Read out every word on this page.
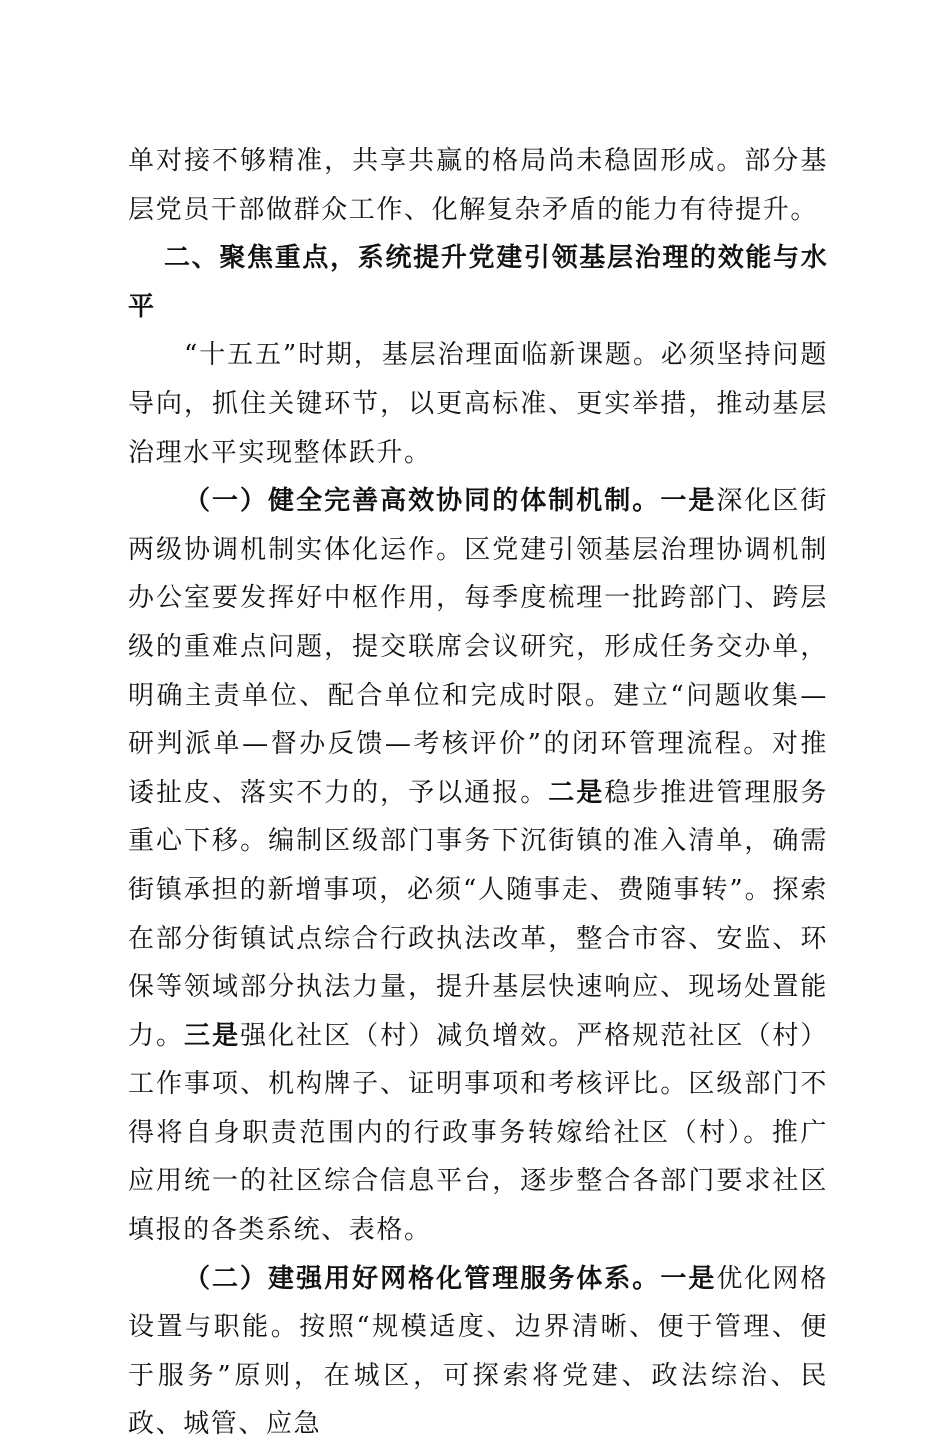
单对接不够精准，共享共赢的格局尚未稳固形成。部分基层党员干部做群众工作、化解复杂矛盾的能力有待提升。

二、聚焦重点，系统提升党建引领基层治理的效能与水平

“十五五”时期，基层治理面临新课题。必须坚持问题导向，抓住关键环节，以更高标准、更实举措，推动基层治理水平实现整体跃升。

（一）健全完善高效协同的体制机制。一是深化区街两级协调机制实体化运作。区党建引领基层治理协调机制办公室要发挥好中枢作用，每季度梳理一批跨部门、跨层级的重难点问题，提交联席会议研究，形成任务交办单，明确主责单位、配合单位和完成时限。建立“问题收集—研判派单—督办反馈—考核评价”的闭环管理流程。对推诿扯皮、落实不力的，予以通报。二是稳步推进管理服务重心下移。编制区级部门事务下沉街镇的准入清单，确需街镇承担的新增事项，必须“人随事走、费随事转”。探索在部分街镇试点综合行政执法改革，整合市容、安监、环保等领域部分执法力量，提升基层快速响应、现场处置能力。三是强化社区（村）减负增效。严格规范社区（村）工作事项、机构牌子、证明事项和考核评比。区级部门不得将自身职责范围内的行政事务转嫁给社区（村）。推广应用统一的社区综合信息平台，逐步整合各部门要求社区填报的各类系统、表格。

（二）建强用好网格化管理服务体系。一是优化网格设置与职能。按照“规模适度、边界清晰、便于管理、便于服务”原则，在城区，可探索将党建、政法综治、民政、城管、应急
